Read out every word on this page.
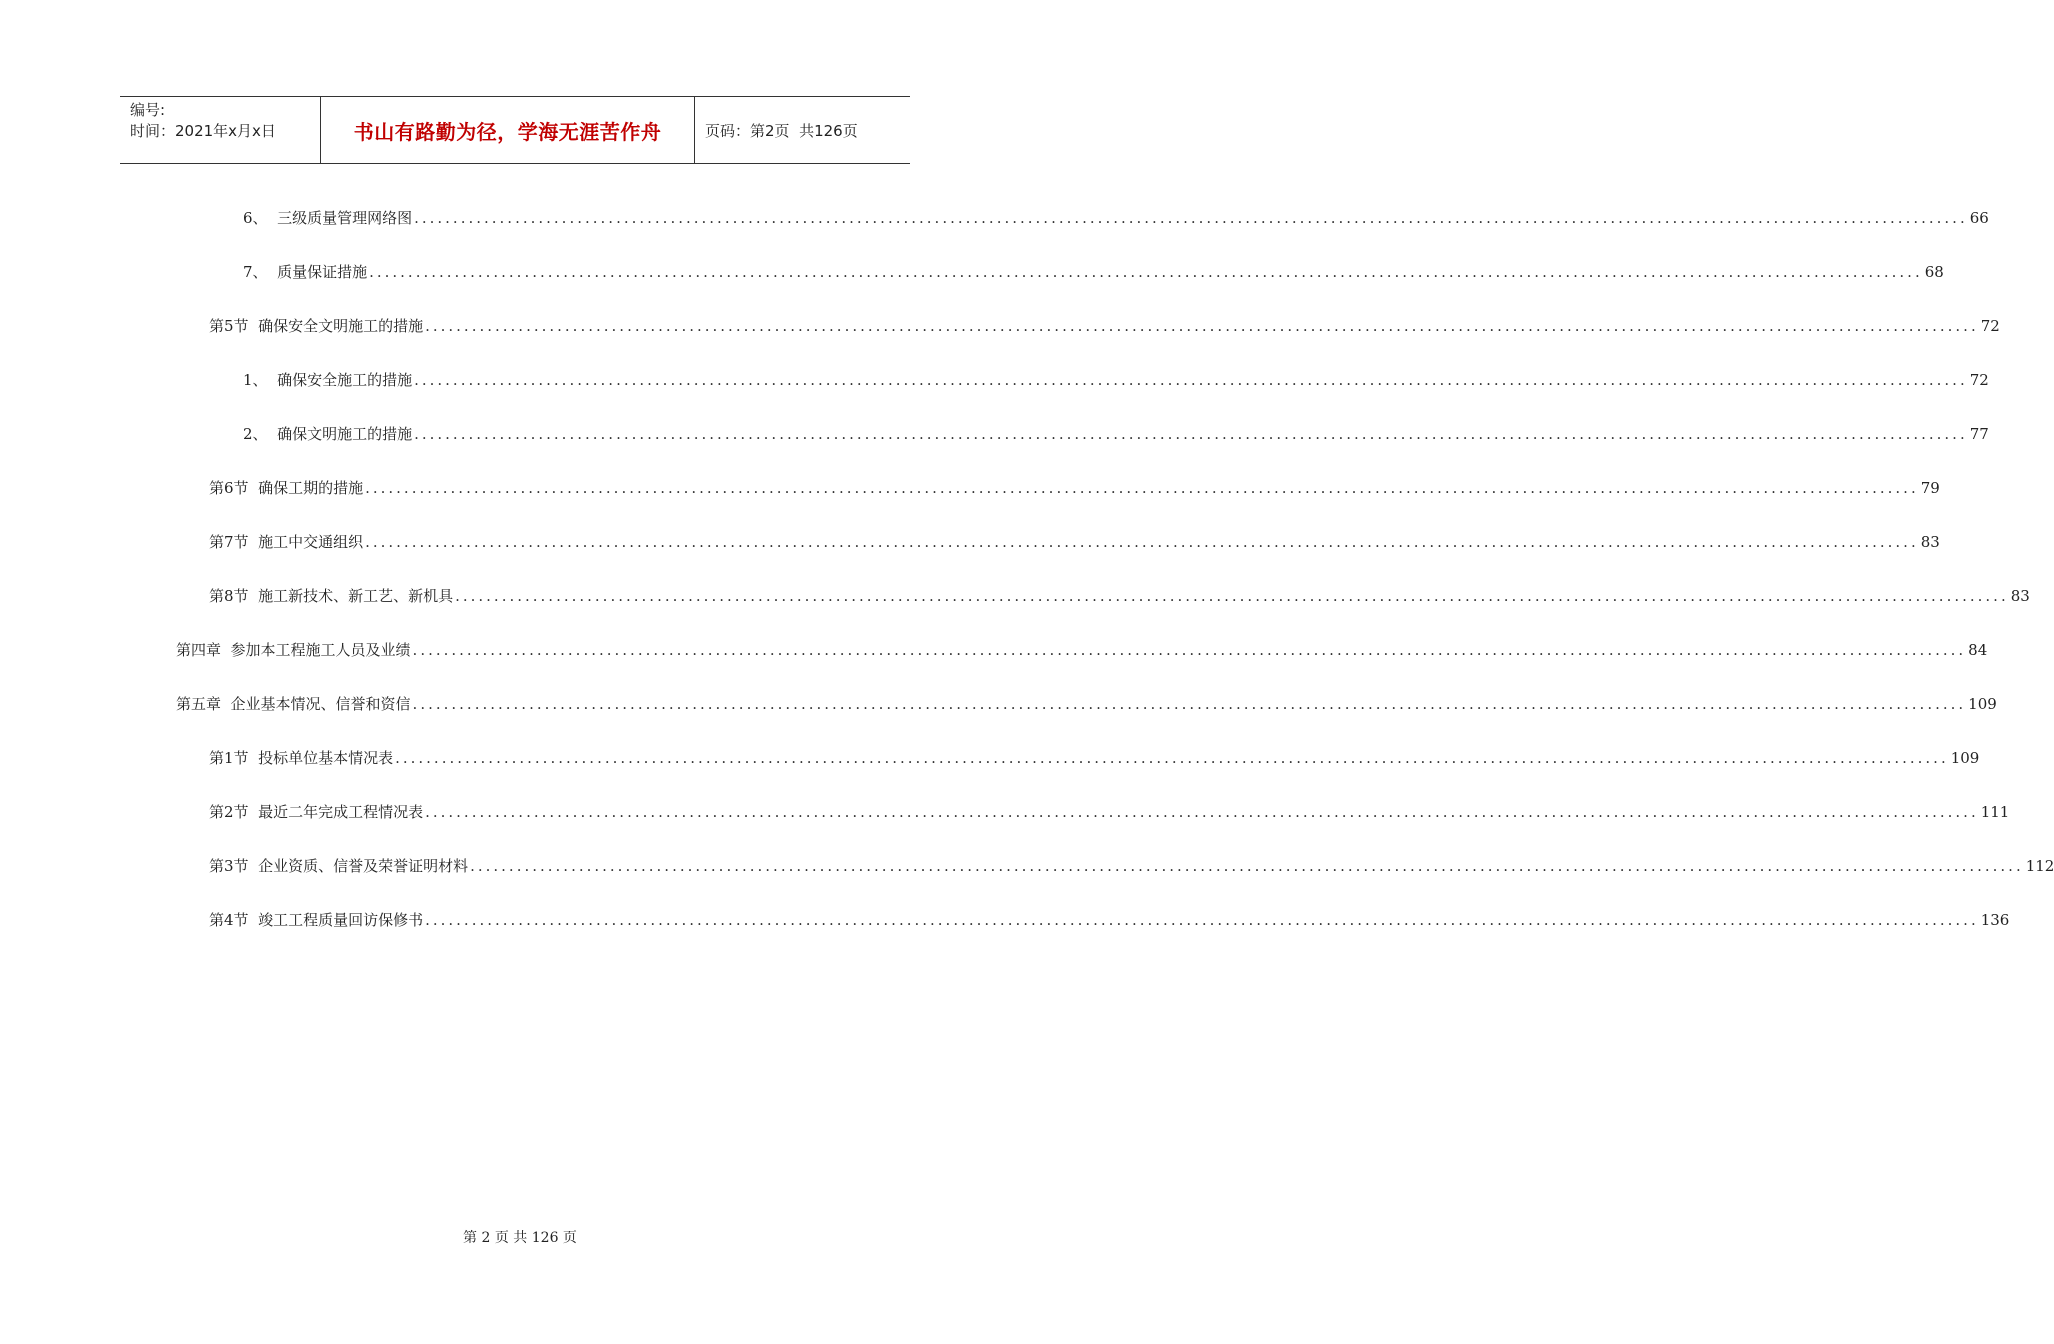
编号:
时间：2021年x月x日	书山有路勤为径，学海无涯苦作舟	页码：第2页  共126页
6、  三级质量管理网络图 ........................................................................................................................................................................................................ 66
7、  质量保证措施 ........................................................................................................................................................................................................ 68
第5节  确保安全文明施工的措施 ........................................................................................................................................................................................................ 72
1、  确保安全施工的措施 ........................................................................................................................................................................................................ 72
2、  确保文明施工的措施 ........................................................................................................................................................................................................ 77
第6节  确保工期的措施 ........................................................................................................................................................................................................ 79
第7节  施工中交通组织 ........................................................................................................................................................................................................ 83
第8节  施工新技术、新工艺、新机具 ........................................................................................................................................................................................................ 83
第四章  参加本工程施工人员及业绩 ........................................................................................................................................................................................................ 84
第五章  企业基本情况、信誉和资信 ........................................................................................................................................................................................................ 109
第1节  投标单位基本情况表 ........................................................................................................................................................................................................ 109
第2节  最近二年完成工程情况表 ........................................................................................................................................................................................................ 111
第3节  企业资质、信誉及荣誉证明材料 ........................................................................................................................................................................................................ 112
第4节  竣工工程质量回访保修书 ........................................................................................................................................................................................................ 136
第 2 页 共 126 页
